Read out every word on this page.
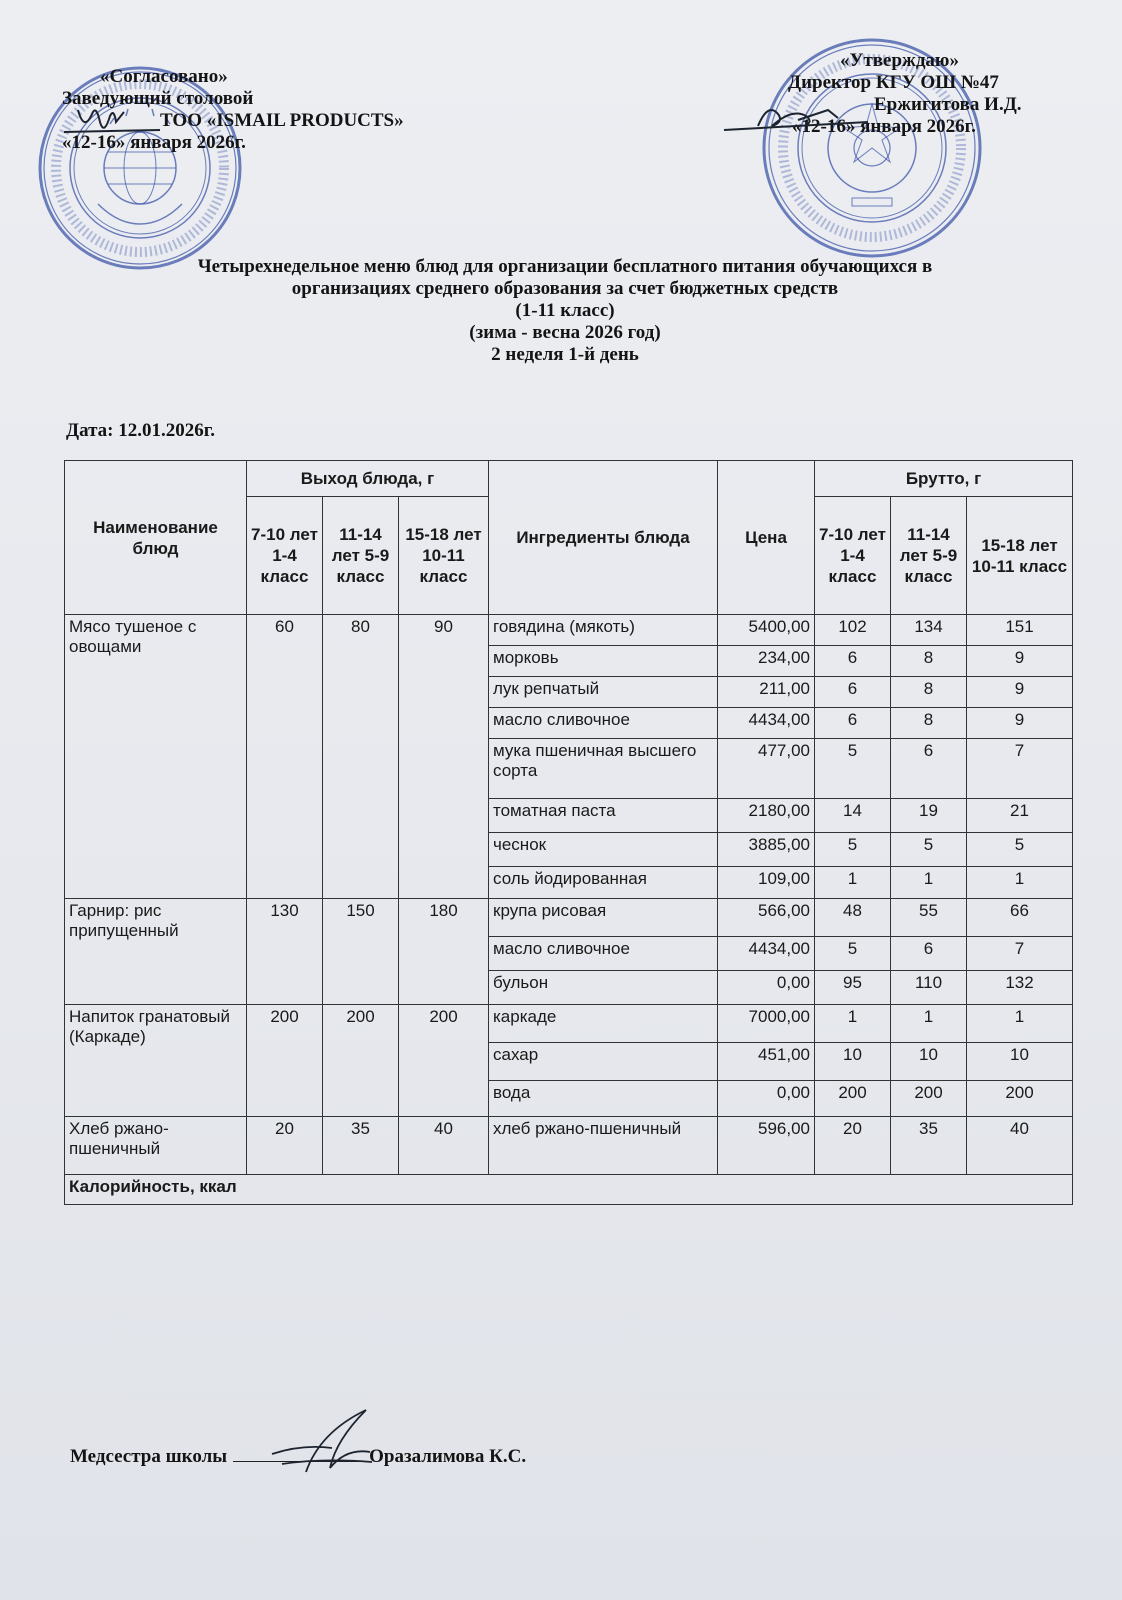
«Согласовано»
Заведующий столовой
ТОО «ISMAIL PRODUCTS»
«12-16» января 2026г.
«Утверждаю»
Директор КГУ ОШ №47
Ержигитова И.Д.
«12-16» января 2026г.
Четырехнедельное меню блюд для организации бесплатного питания обучающихся в
организациях среднего образования за счет бюджетных средств
(1-11 класс)
(зима - весна 2026 год)
2 неделя 1-й день
Дата: 12.01.2026г.
Наименование блюд	Выход блюда, г			Ингредиенты блюда	Цена	Брутто, г		
	7-10 лет 1-4 класс	11-14 лет 5-9 класс	15-18 лет 10-11 класс			7-10 лет 1-4 класс	11-14 лет 5-9 класс	15-18 лет 10-11 класс
Мясо тушеное с овощами	60	80	90	говядина (мякоть)	5400,00	102	134	151
				морковь	234,00	6	8	9
				лук репчатый	211,00	6	8	9
				масло сливочное	4434,00	6	8	9
				мука пшеничная высшего сорта	477,00	5	6	7
				томатная паста	2180,00	14	19	21
				чеснок	3885,00	5	5	5
				соль йодированная	109,00	1	1	1
Гарнир: рис припущенный	130	150	180	крупа рисовая	566,00	48	55	66
				масло сливочное	4434,00	5	6	7
				бульон	0,00	95	110	132
Напиток гранатовый (Каркаде)	200	200	200	каркаде	7000,00	1	1	1
				сахар	451,00	10	10	10
				вода	0,00	200	200	200
Хлеб ржано-пшеничный	20	35	40	хлеб ржано-пшеничный	596,00	20	35	40
Калорийность, ккал								
Медсестра школы	Оразалимова К.С.
